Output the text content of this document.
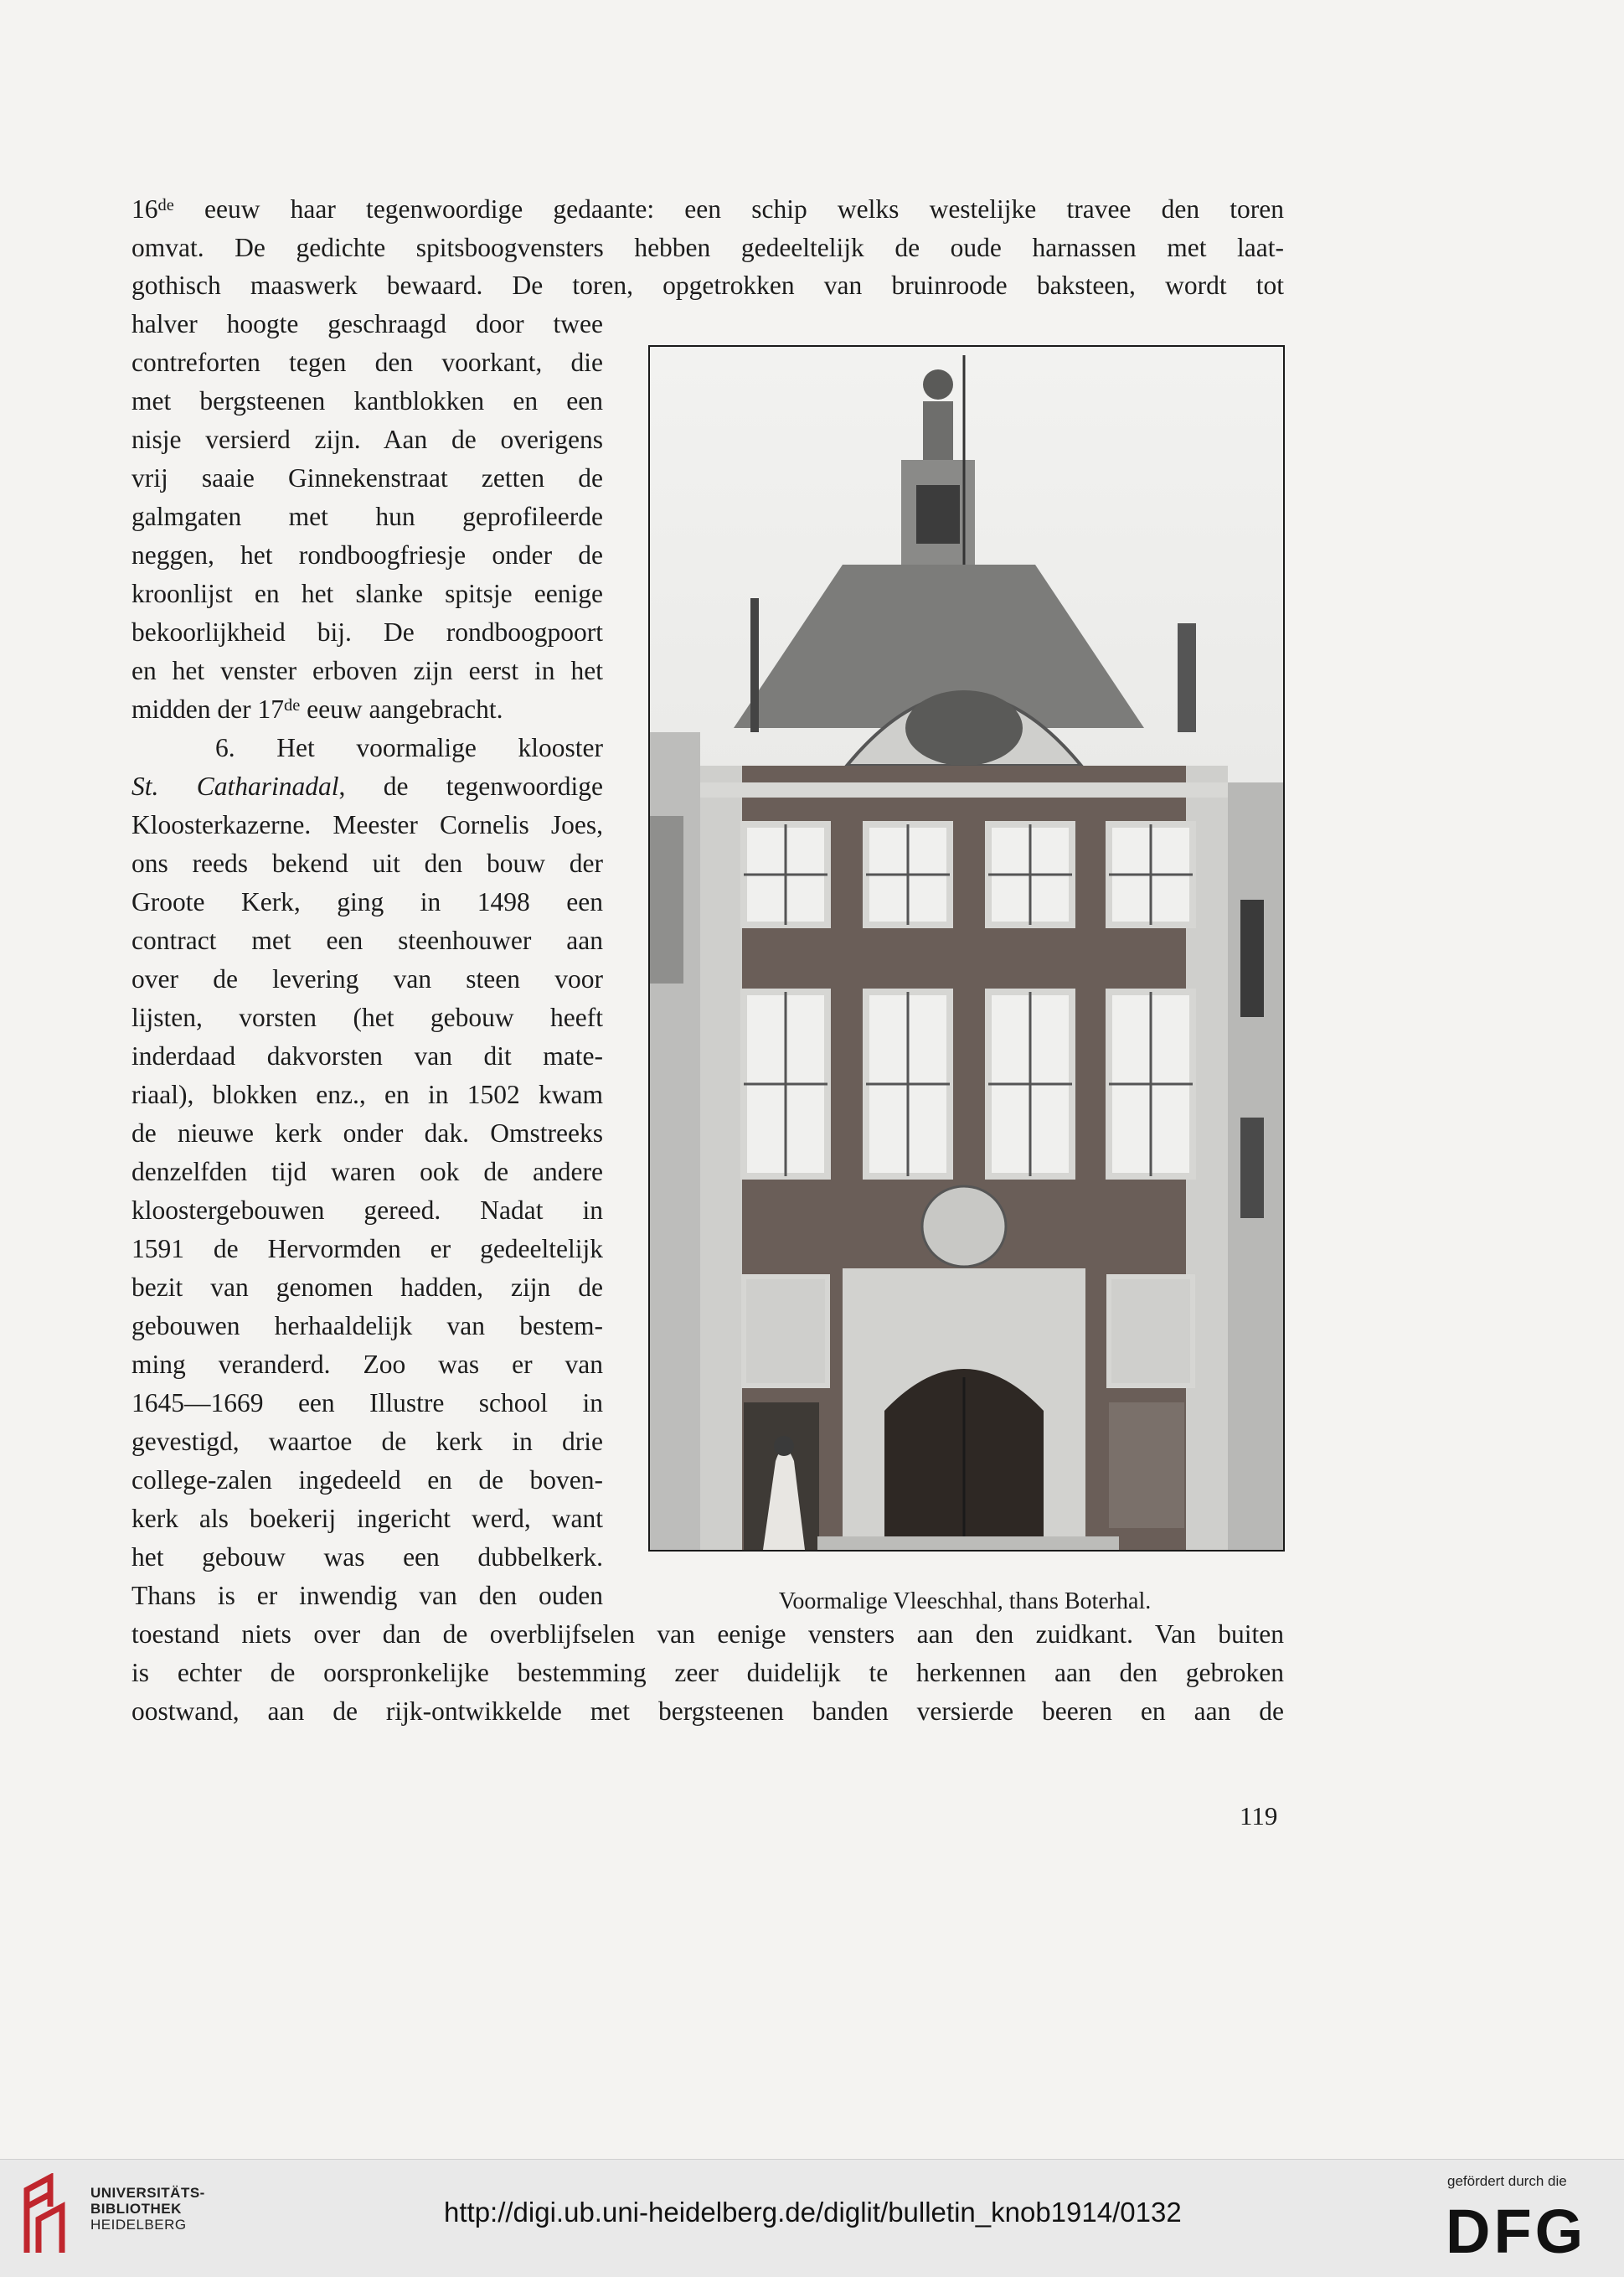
16de eeuw haar tegenwoordige gedaante: een schip welks westelijke travee den toren
omvat. De gedichte spitsboogvensters hebben gedeeltelijk de oude harnassen met laat-
gothisch maaswerk bewaard. De toren, opgetrokken van bruinroode baksteen, wordt tot
halver hoogte geschraagd door twee
contreforten tegen den voorkant, die
met bergsteenen kantblokken en een
nisje versierd zijn. Aan de overigens
vrij saaie Ginnekenstraat zetten de
galmgaten met hun geprofileerde
neggen, het rondboogfriesje onder de
kroonlijst en het slanke spitsje eenige
bekoorlijkheid bij. De rondboogpoort
en het venster erboven zijn eerst in het
midden der 17de eeuw aangebracht.
6. Het voormalige klooster
St. Catharinadal, de tegenwoordige
Kloosterkazerne. Meester Cornelis Joes,
ons reeds bekend uit den bouw der
Groote Kerk, ging in 1498 een
contract met een steenhouwer aan
over de levering van steen voor
lijsten, vorsten (het gebouw heeft
inderdaad dakvorsten van dit mate-
riaal), blokken enz., en in 1502 kwam
de nieuwe kerk onder dak. Omstreeks
denzelfden tijd waren ook de andere
kloostergebouwen gereed. Nadat in
1591 de Hervormden er gedeeltelijk
bezit van genomen hadden, zijn de
gebouwen herhaaldelijk van bestem-
ming veranderd. Zoo was er van
1645—1669 een Illustre school in
gevestigd, waartoe de kerk in drie
college-zalen ingedeeld en de boven-
kerk als boekerij ingericht werd, want
het gebouw was een dubbelkerk.
Thans is er inwendig van den ouden
toestand niets over dan de overblijfselen van eenige vensters aan den zuidkant. Van buiten
is echter de oorspronkelijke bestemming zeer duidelijk te herkennen aan den gebroken
oostwand, aan de rijk-ontwikkelde met bergsteenen banden versierde beeren en aan de
Voormalige Vleeschhal, thans Boterhal.
119
UNIVERSITÄTS-
BIBLIOTHEK
HEIDELBERG	http://digi.ub.uni-heidelberg.de/diglit/bulletin_knob1914/0132
gefördert durch die
DFG
